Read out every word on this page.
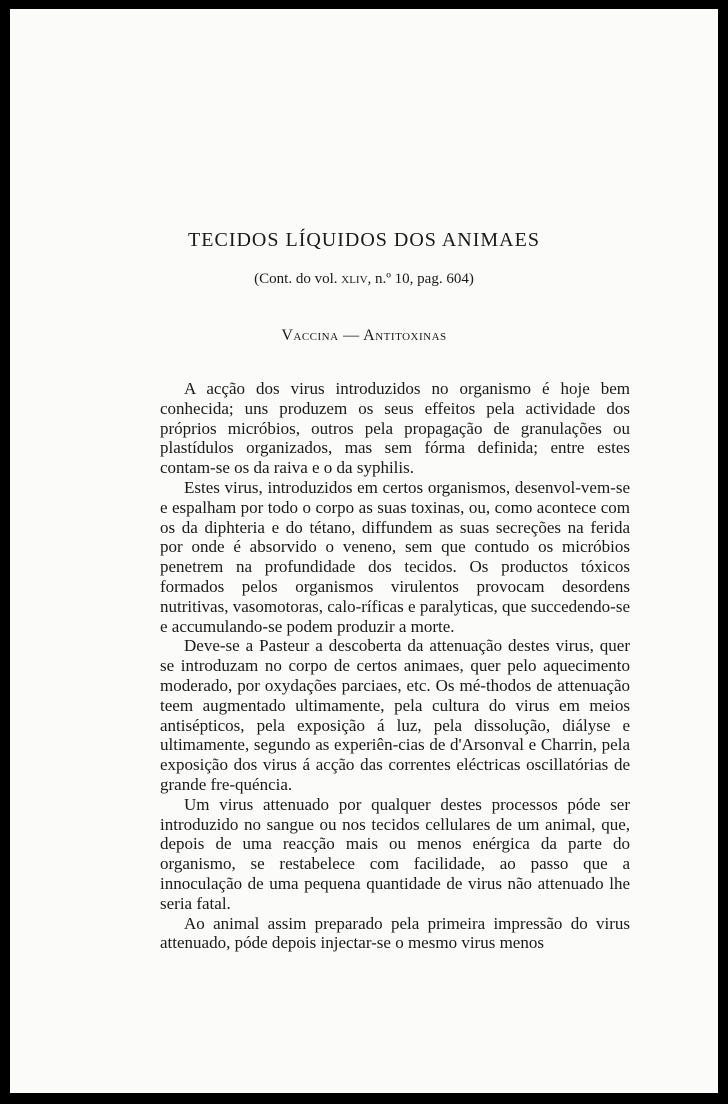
TECIDOS LÍQUIDOS DOS ANIMAES
(Cont. do vol. xliv, n.º 10, pag. 604)
Vaccina — Antitoxinas

A acção dos virus introduzidos no organismo é hoje bem conhecida; uns produzem os seus effeitos pela actividade dos próprios micróbios, outros pela propagação de granulações ou plastídulos organizados, mas sem fórma definida; entre estes contam-se os da raiva e o da syphilis.

Estes virus, introduzidos em certos organismos, desenvol-vem-se e espalham por todo o corpo as suas toxinas, ou, como acontece com os da diphteria e do tétano, diffundem as suas secreções na ferida por onde é absorvido o veneno, sem que contudo os micróbios penetrem na profundidade dos tecidos. Os productos tóxicos formados pelos organismos virulentos provocam desordens nutritivas, vasomotoras, calo-ríficas e paralyticas, que succedendo-se e accumulando-se podem produzir a morte.

Deve-se a Pasteur a descoberta da attenuação destes virus, quer se introduzam no corpo de certos animaes, quer pelo aquecimento moderado, por oxydações parciaes, etc. Os mé-thodos de attenuação teem augmentado ultimamente, pela cultura do virus em meios antisépticos, pela exposição á luz, pela dissolução, diályse e ultimamente, segundo as experiên-cias de d'Arsonval e Charrin, pela exposição dos virus á acção das correntes eléctricas oscillatórias de grande fre-quéncia.

Um virus attenuado por qualquer destes processos póde ser introduzido no sangue ou nos tecidos cellulares de um animal, que, depois de uma reacção mais ou menos enérgica da parte do organismo, se restabelece com facilidade, ao passo que a innoculação de uma pequena quantidade de virus não attenuado lhe seria fatal.

Ao animal assim preparado pela primeira impressão do virus attenuado, póde depois injectar-se o mesmo virus menos
